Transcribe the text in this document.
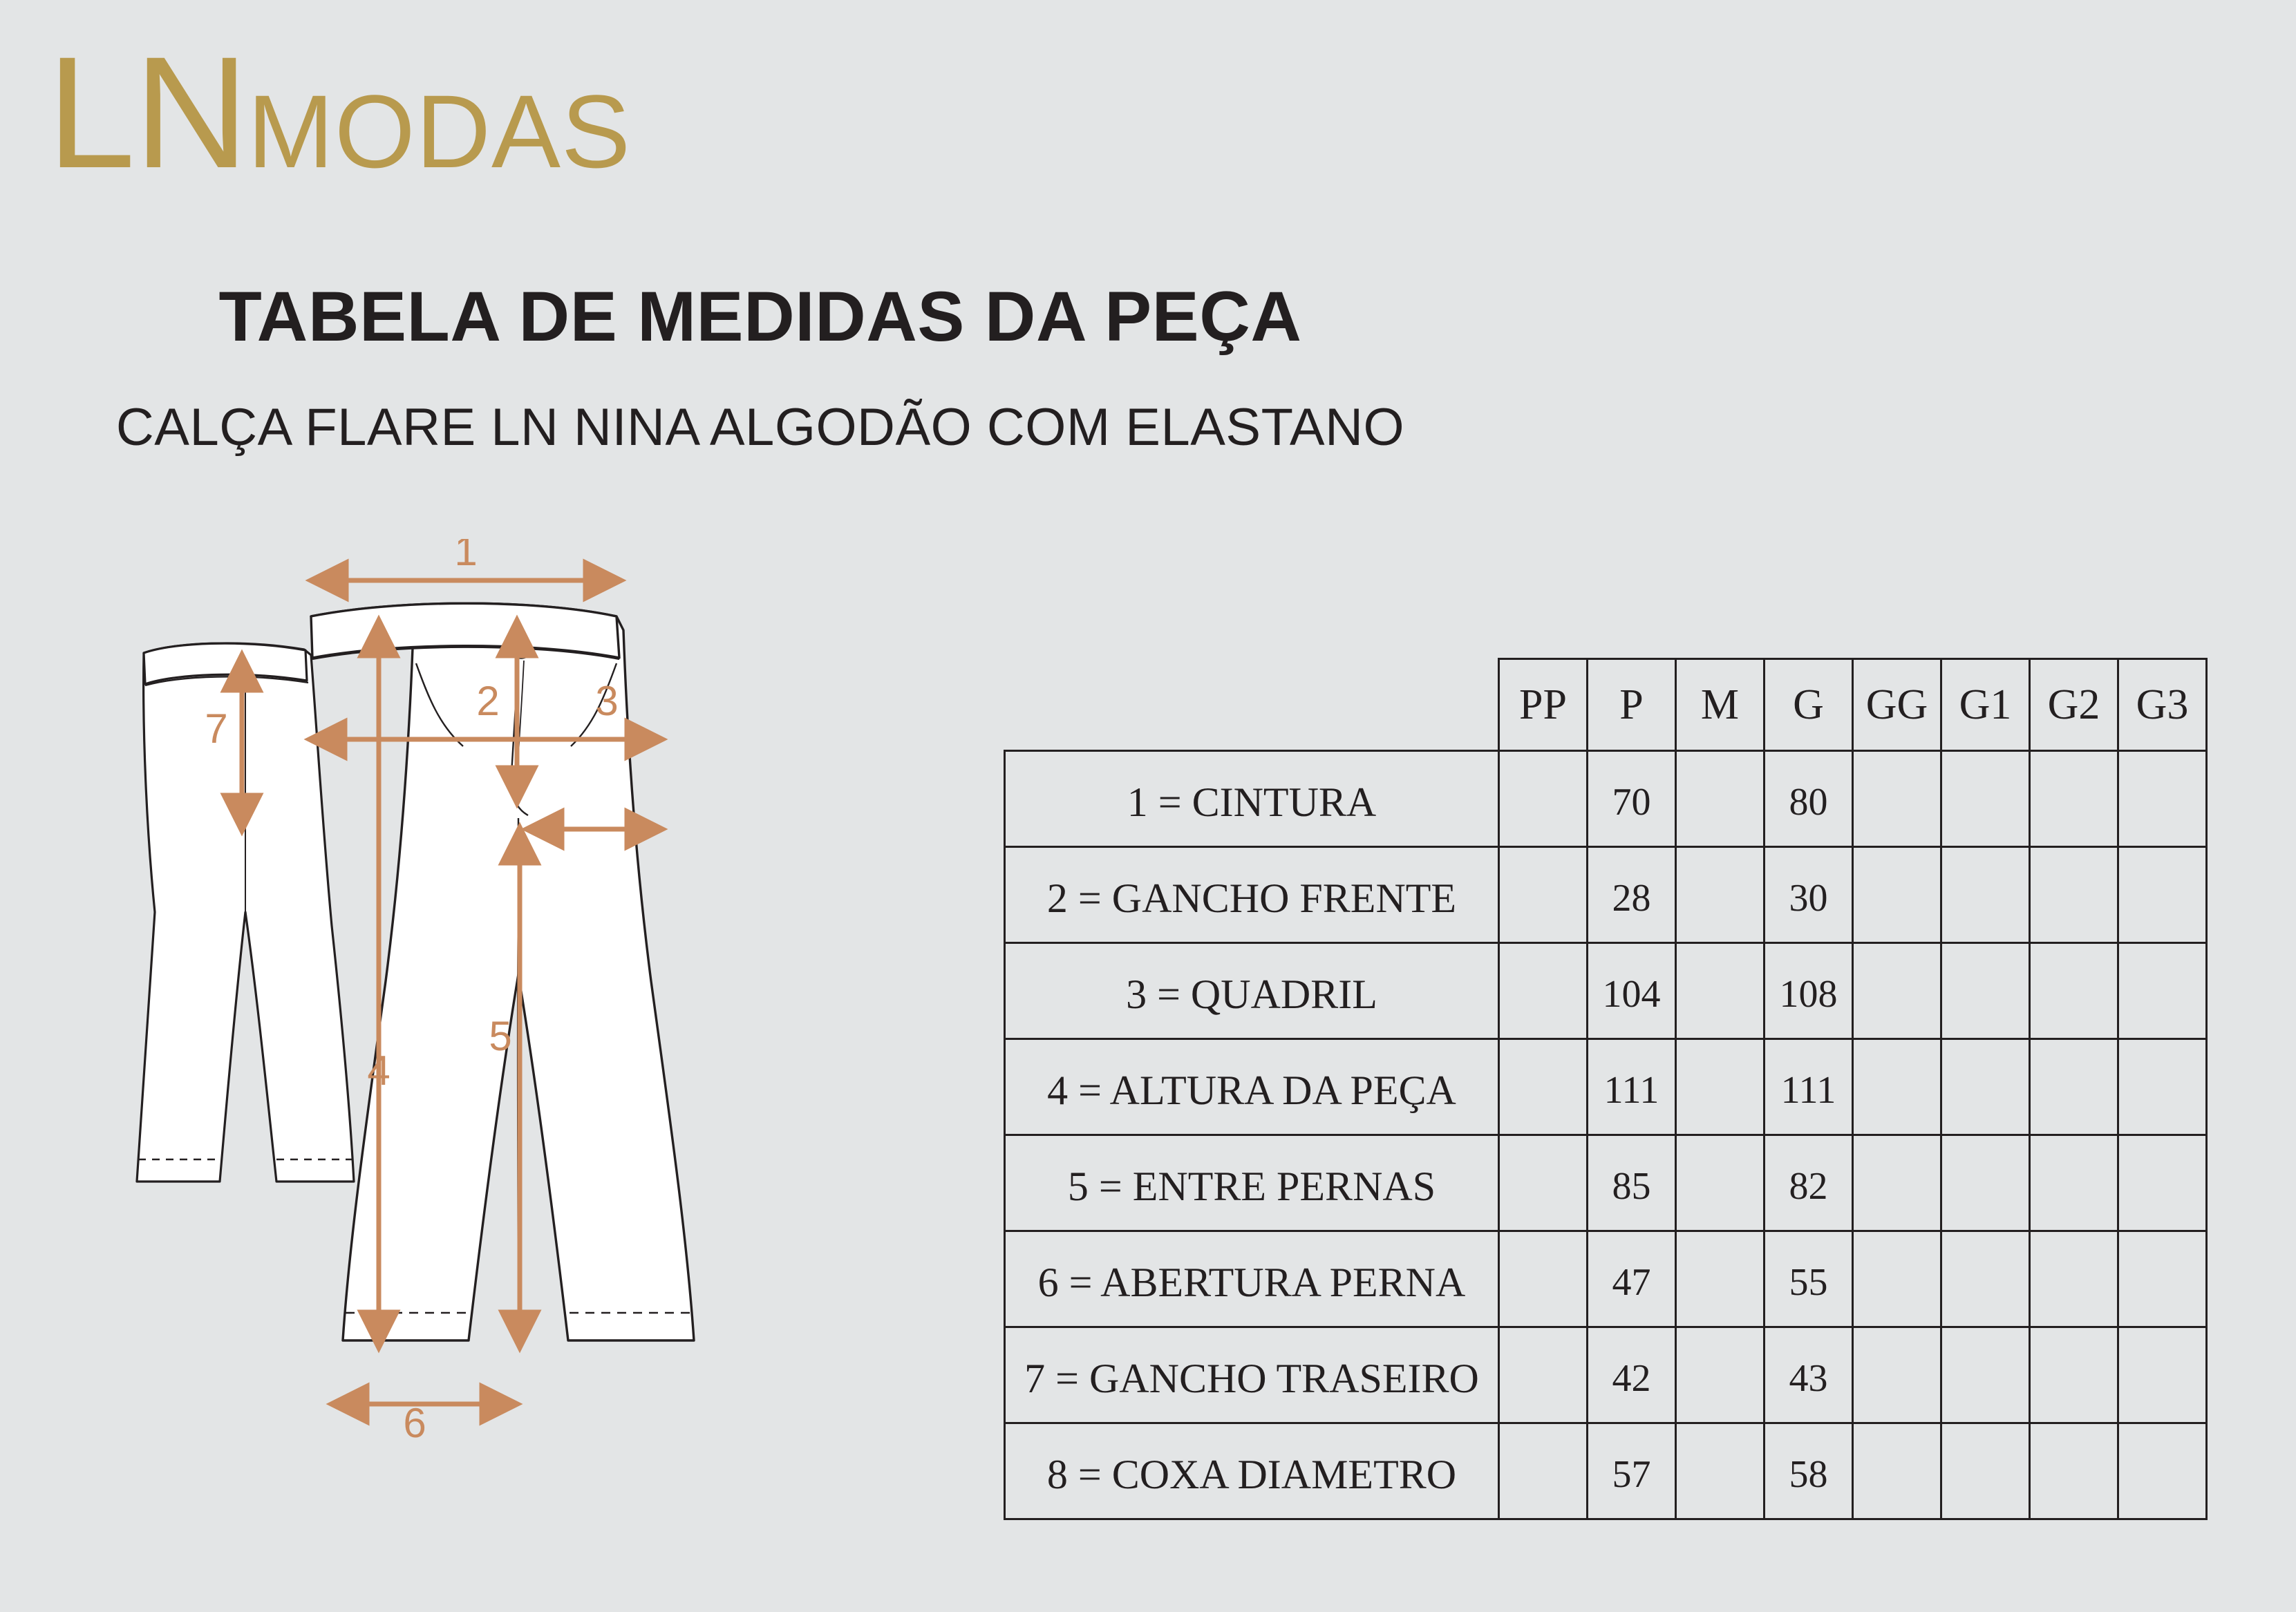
LN MODAS
TABELA DE MEDIDAS DA PEÇA
CALÇA FLARE LN NINA ALGODÃO COM ELASTANO
1
2 3
4
5
6
7
	PP	P	M	G	GG	G1	G2	G3
1 = CINTURA		70		80				
2 = GANCHO FRENTE		28		30				
3 = QUADRIL		104		108				
4 = ALTURA DA PEÇA		111		111				
5 = ENTRE PERNAS		85		82				
6 = ABERTURA PERNA		47		55				
7 = GANCHO TRASEIRO		42		43				
8 = COXA DIAMETRO		57		58				
